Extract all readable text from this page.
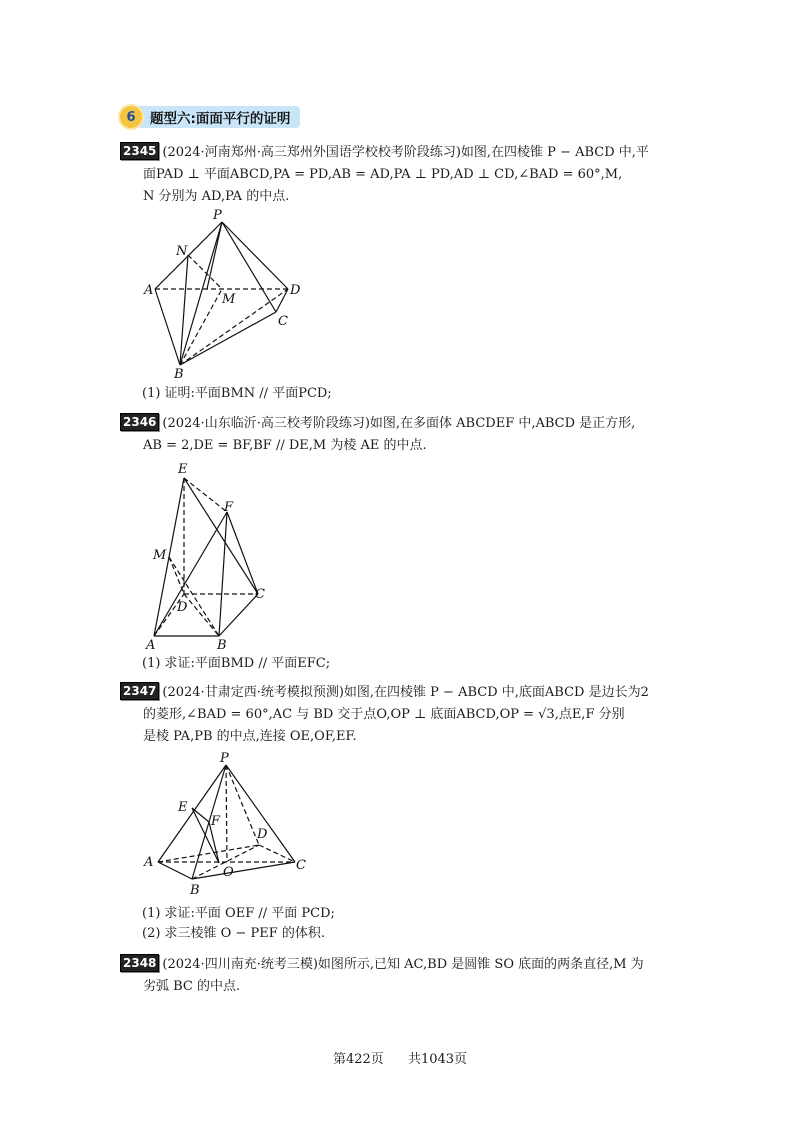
6	题型六:面面平行的证明
2345 (2024·河南郑州·高三郑州外国语学校校考阶段练习)如图,在四棱锥 P − ABCD 中,平
面PAD ⊥ 平面ABCD,PA = PD,AB = AD,PA ⊥ PD,AD ⊥ CD,∠BAD = 60°,M,
N 分别为 AD,PA 的中点.
P
N
A
M
D
C
B
(1) 证明:平面BMN // 平面PCD;
2346 (2024·山东临沂·高三校考阶段练习)如图,在多面体 ABCDEF 中,ABCD 是正方形,
AB = 2,DE = BF,BF // DE,M 为棱 AE 的中点.
E
F
M
D
C
A	B
(1) 求证:平面BMD // 平面EFC;
2347 (2024·甘肃定西·统考模拟预测)如图,在四棱锥 P − ABCD 中,底面ABCD 是边长为2
的菱形,∠BAD = 60°,AC 与 BD 交于点O,OP ⊥ 底面ABCD,OP = √3,点E,F 分别
是棱 PA,PB 的中点,连接 OE,OF,EF.
P
E
F
D
A
O	C
B
(1) 求证:平面 OEF // 平面 PCD;
(2) 求三棱锥 O − PEF 的体积.
2348 (2024·四川南充·统考三模)如图所示,已知 AC,BD 是圆锥 SO 底面的两条直径,M 为
劣弧 BC 的中点.
第422页 共1043页
